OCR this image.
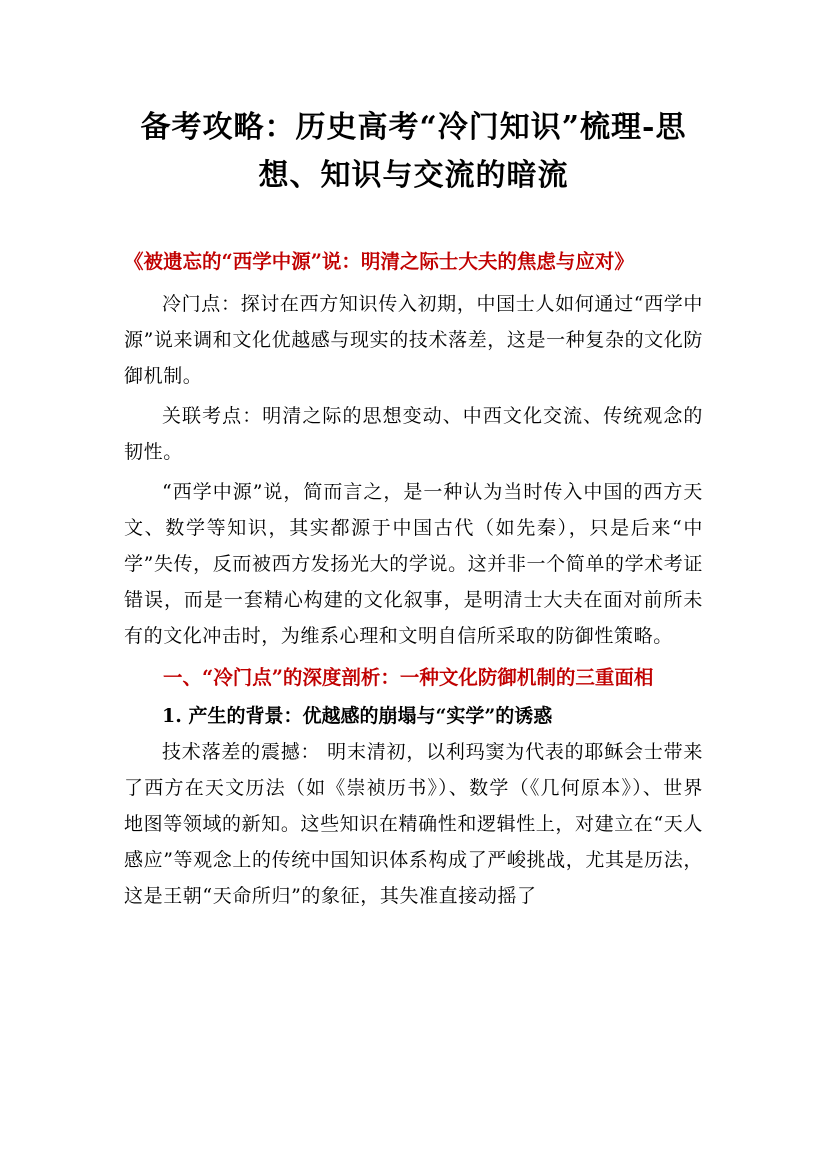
备考攻略：历史高考“冷门知识”梳理-思想、知识与交流的暗流
《被遗忘的“西学中源”说：明清之际士大夫的焦虑与应对》

冷门点：探讨在西方知识传入初期，中国士人如何通过“西学中源”说来调和文化优越感与现实的技术落差，这是一种复杂的文化防御机制。

关联考点：明清之际的思想变动、中西文化交流、传统观念的韧性。

“西学中源”说，简而言之，是一种认为当时传入中国的西方天文、数学等知识，其实都源于中国古代（如先秦），只是后来“中学”失传，反而被西方发扬光大的学说。这并非一个简单的学术考证错误，而是一套精心构建的文化叙事，是明清士大夫在面对前所未有的文化冲击时，为维系心理和文明自信所采取的防御性策略。

一、“冷门点”的深度剖析：一种文化防御机制的三重面相
1. 产生的背景：优越感的崩塌与“实学”的诱惑

技术落差的震撼： 明末清初，以利玛窦为代表的耶稣会士带来了西方在天文历法（如《崇祯历书》）、数学（《几何原本》）、世界地图等领域的新知。这些知识在精确性和逻辑性上，对建立在“天人感应”等观念上的传统中国知识体系构成了严峻挑战，尤其是历法，这是王朝“天命所归”的象征，其失准直接动摇了
